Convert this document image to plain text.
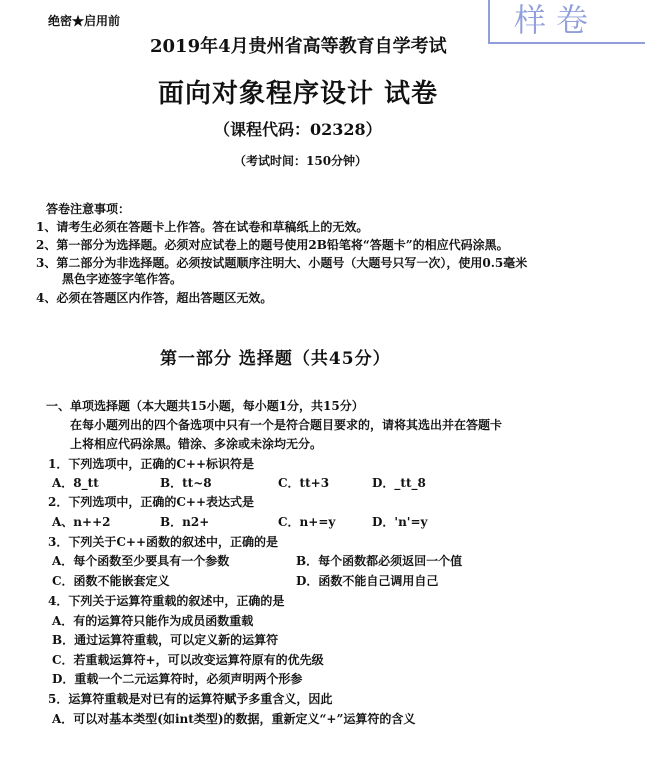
绝密★启用前	样卷
2019年4月贵州省高等教育自学考试
面向对象程序设计 试卷
（课程代码：02328）
（考试时间：150分钟）
答卷注意事项：
1、请考生必须在答题卡上作答。答在试卷和草稿纸上的无效。
2、第一部分为选择题。必须对应试卷上的题号使用2B铅笔将“答题卡”的相应代码涂黑。
3、第二部分为非选择题。必须按试题顺序注明大、小题号（大题号只写一次），使用0.5毫米
黑色字迹签字笔作答。
4、必须在答题区内作答，超出答题区无效。
第一部分 选择题（共45分）
一、单项选择题（本大题共15小题，每小题1分，共15分）
在每小题列出的四个备选项中只有一个是符合题目要求的，请将其选出并在答题卡
上将相应代码涂黑。错涂、多涂或未涂均无分。
1．下列选项中，正确的C++标识符是
A．8_tt	B．tt~8	C．tt+3	D．_tt_8
2．下列选项中，正确的C++表达式是
A、n++2	B．n2+	C．n+=y	D．'n'=y
3．下列关于C++函数的叙述中，正确的是
A．每个函数至少要具有一个参数	B．每个函数都必须返回一个值
C．函数不能嵌套定义	D．函数不能自己调用自己
4．下列关于运算符重载的叙述中，正确的是
A．有的运算符只能作为成员函数重载
B．通过运算符重载，可以定义新的运算符
C．若重载运算符+，可以改变运算符原有的优先级
D．重载一个二元运算符时，必须声明两个形参
5．运算符重载是对已有的运算符赋予多重含义，因此
A．可以对基本类型(如int类型)的数据，重新定义“+”运算符的含义
